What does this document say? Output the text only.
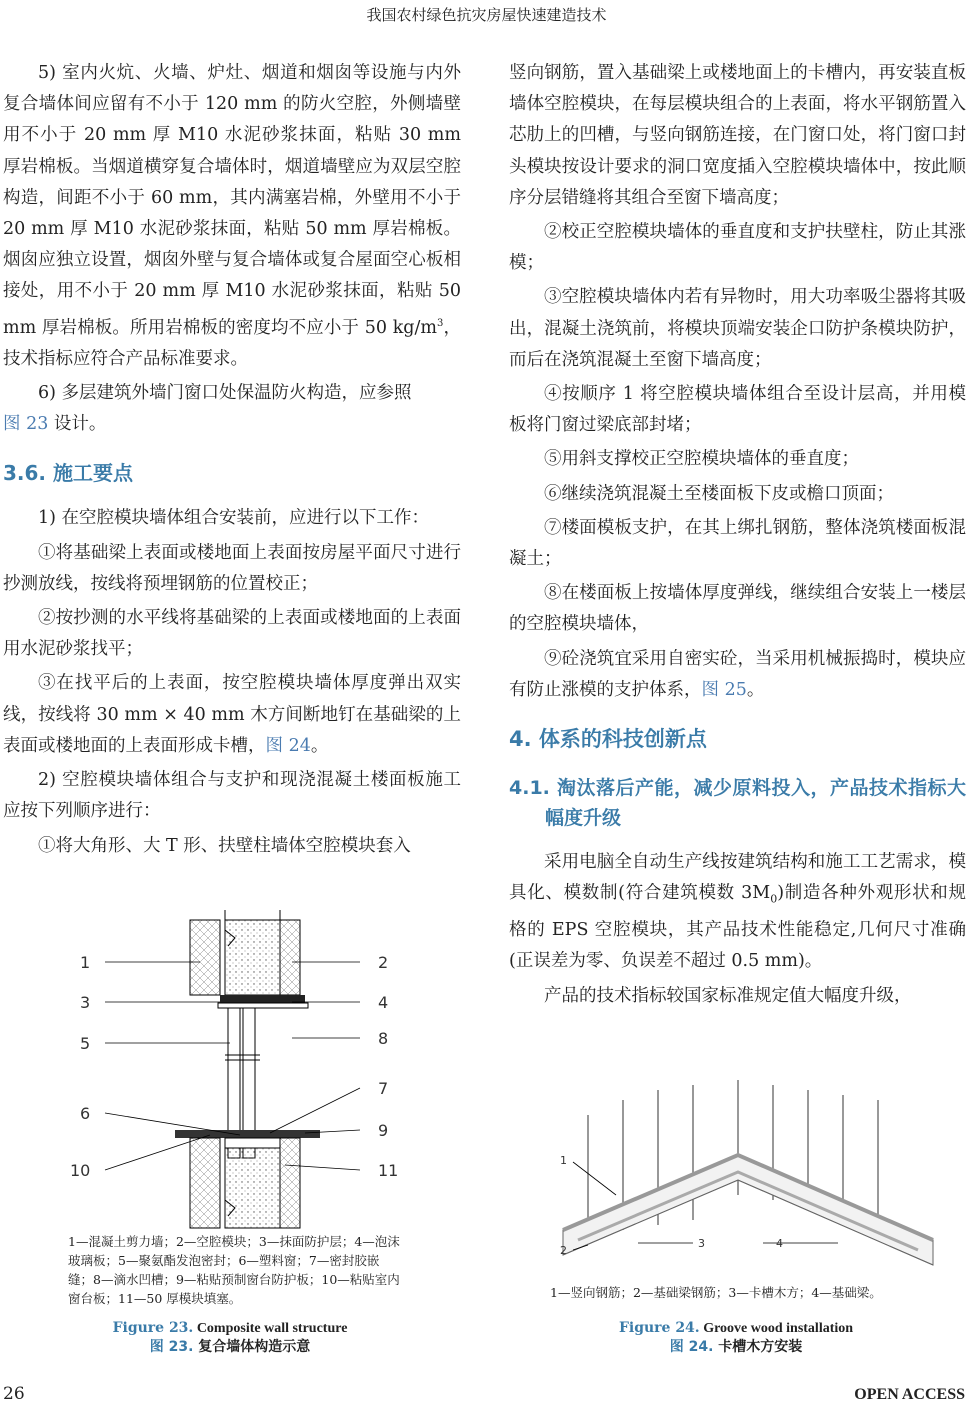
我国农村绿色抗灾房屋快速建造技术

5) 室内火炕、火墙、炉灶、烟道和烟囱等设施与内外复合墙体间应留有不小于 120 mm 的防火空腔，外侧墙壁用不小于 20 mm 厚 M10 水泥砂浆抹面，粘贴 30 mm 厚岩棉板。当烟道横穿复合墙体时，烟道墙壁应为双层空腔构造，间距不小于 60 mm，其内满塞岩棉，外壁用不小于 20 mm 厚 M10 水泥砂浆抹面，粘贴 50 mm 厚岩棉板。烟囱应独立设置，烟囱外壁与复合墙体或复合屋面空心板相接处，用不小于 20 mm 厚 M10 水泥砂浆抹面，粘贴 50 mm 厚岩棉板。所用岩棉板的密度均不应小于 50 $kg/m^3$，技术指标应符合产品标准要求。

6) 多层建筑外墙门窗口处保温防火构造，应参照
图 23 设计。

3.6. 施工要点

1) 在空腔模块墙体组合安装前，应进行以下工作：

①将基础梁上表面或楼地面上表面按房屋平面尺寸进行抄测放线，按线将预埋钢筋的位置校正；

②按抄测的水平线将基础梁的上表面或楼地面的上表面用水泥砂浆找平；

③在找平后的上表面，按空腔模块墙体厚度弹出双实线，按线将 30 mm × 40 mm 木方间断地钉在基础梁的上表面或楼地面的上表面形成卡槽，图 24。

2) 空腔模块墙体组合与支护和现浇混凝土楼面板施工应按下列顺序进行：

①将大角形、大 T 形、扶壁柱墙体空腔模块套入

竖向钢筋，置入基础梁上或楼地面上的卡槽内，再安装直板墙体空腔模块，在每层模块组合的上表面，将水平钢筋置入芯肋上的凹槽，与竖向钢筋连接，在门窗口处，将门窗口封头模块按设计要求的洞口宽度插入空腔模块墙体中，按此顺序分层错缝将其组合至窗下墙高度；

②校正空腔模块墙体的垂直度和支护扶壁柱，防止其涨模；

③空腔模块墙体内若有异物时，用大功率吸尘器将其吸出，混凝土浇筑前，将模块顶端安装企口防护条模块防护，而后在浇筑混凝土至窗下墙高度；

④按顺序 1 将空腔模块墙体组合至设计层高，并用模板将门窗过梁底部封堵；

⑤用斜支撑校正空腔模块墙体的垂直度；

⑥继续浇筑混凝土至楼面板下皮或檐口顶面；

⑦楼面模板支护，在其上绑扎钢筋，整体浇筑楼面板混凝土；

⑧在楼面板上按墙体厚度弹线，继续组合安装上一楼层的空腔模块墙体，

⑨砼浇筑宜采用自密实砼，当采用机械振捣时，模块应有防止涨模的支护体系，图 25。

4. 体系的科技创新点
4.1. 淘汰落后产能，减少原料投入，产品技术指标大幅度升级

采用电脑全自动生产线按建筑结构和施工工艺需求，模具化、模数制(符合建筑模数 $3M_0$)制造各种外观形状和规格的 EPS 空腔模块，其产品技术性能稳定,几何尺寸准确(正误差为零、负误差不超过 0.5 mm)。

产品的技术指标较国家标准规定值大幅度升级，

1
3
5
6
10
2
4
8
7
9
11
1—混凝土剪力墙；2—空腔模块；3—抹面防护层；4—泡沫玻璃板；5—聚氨酯发泡密封；6—塑料窗；7—密封胶嵌缝；8—滴水凹槽；9—粘贴预制窗台防护板；10—粘贴室内窗台板；11—50 厚模块填塞。
Figure 23. Composite wall structure
图 23. 复合墙体构造示意
1
2
3	4
1—竖向钢筋；2—基础梁钢筋；3—卡槽木方；4—基础梁。
Figure 24. Groove wood installation
图 24. 卡槽木方安装
26	OPEN ACCESS
